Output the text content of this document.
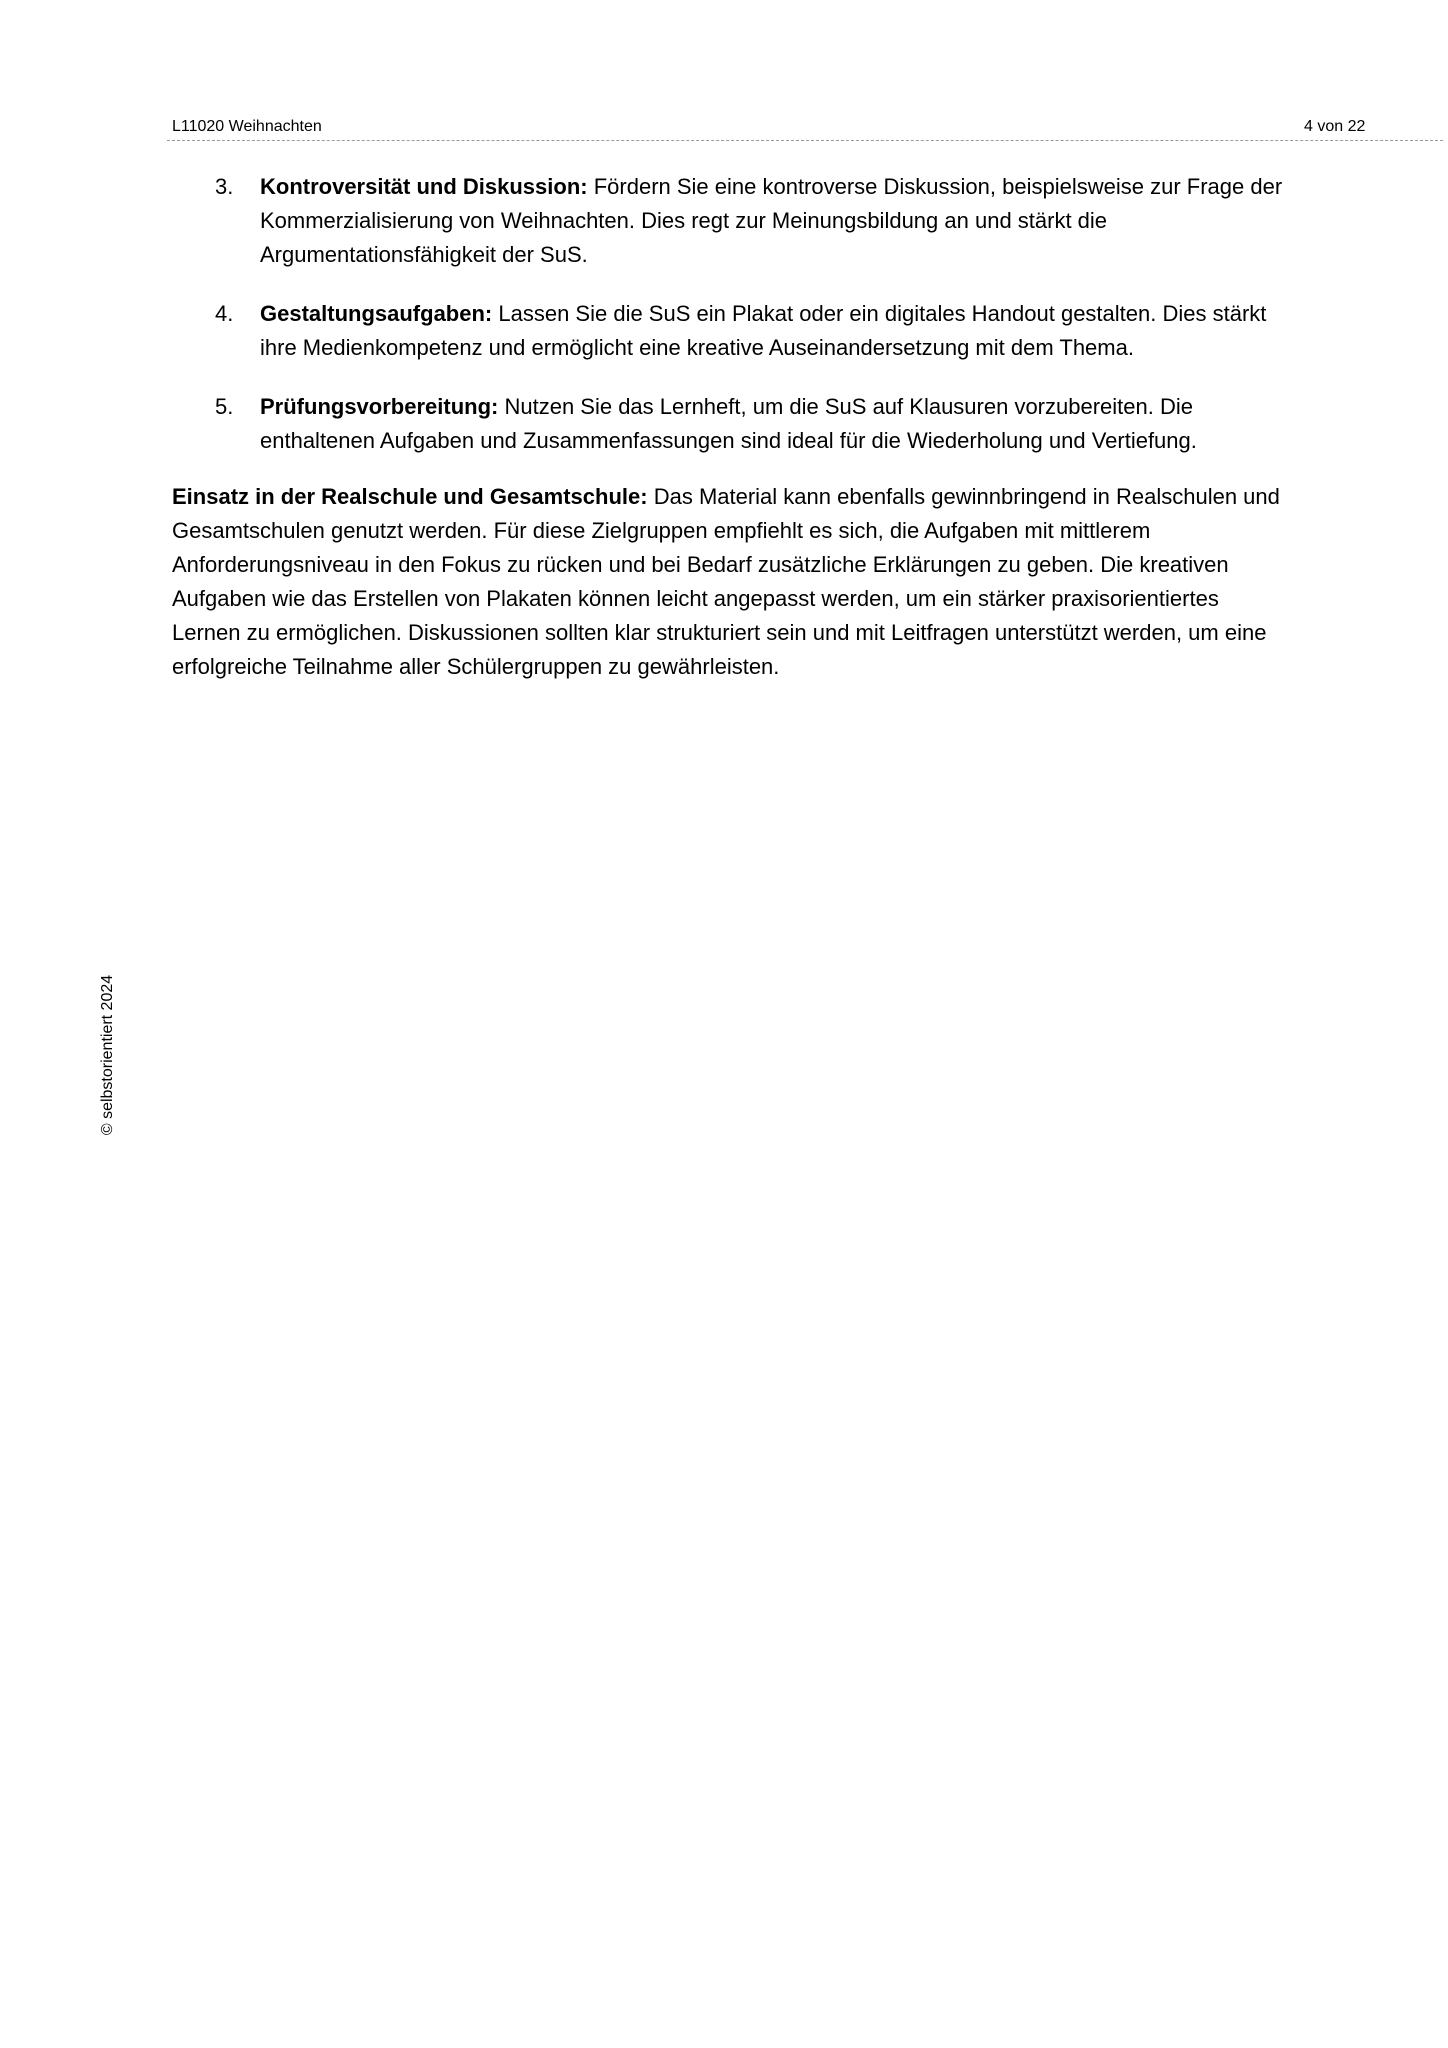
L11020 Weihnachten	4 von 22
3. Kontroversität und Diskussion: Fördern Sie eine kontroverse Diskussion, beispielsweise zur Frage der Kommerzialisierung von Weihnachten. Dies regt zur Meinungsbildung an und stärkt die Argumentationsfähigkeit der SuS.
4. Gestaltungsaufgaben: Lassen Sie die SuS ein Plakat oder ein digitales Handout gestalten. Dies stärkt ihre Medienkompetenz und ermöglicht eine kreative Auseinandersetzung mit dem Thema.
5. Prüfungsvorbereitung: Nutzen Sie das Lernheft, um die SuS auf Klausuren vorzubereiten. Die enthaltenen Aufgaben und Zusammenfassungen sind ideal für die Wiederholung und Vertiefung.

Einsatz in der Realschule und Gesamtschule: Das Material kann ebenfalls gewinnbringend in Realschulen und Gesamtschulen genutzt werden. Für diese Zielgruppen empfiehlt es sich, die Aufgaben mit mittlerem Anforderungsniveau in den Fokus zu rücken und bei Bedarf zusätzliche Erklärungen zu geben. Die kreativen Aufgaben wie das Erstellen von Plakaten können leicht angepasst werden, um ein stärker praxisorientiertes Lernen zu ermöglichen. Diskussionen sollten klar strukturiert sein und mit Leitfragen unterstützt werden, um eine erfolgreiche Teilnahme aller Schülergruppen zu gewährleisten.

© selbstorientiert 2024
